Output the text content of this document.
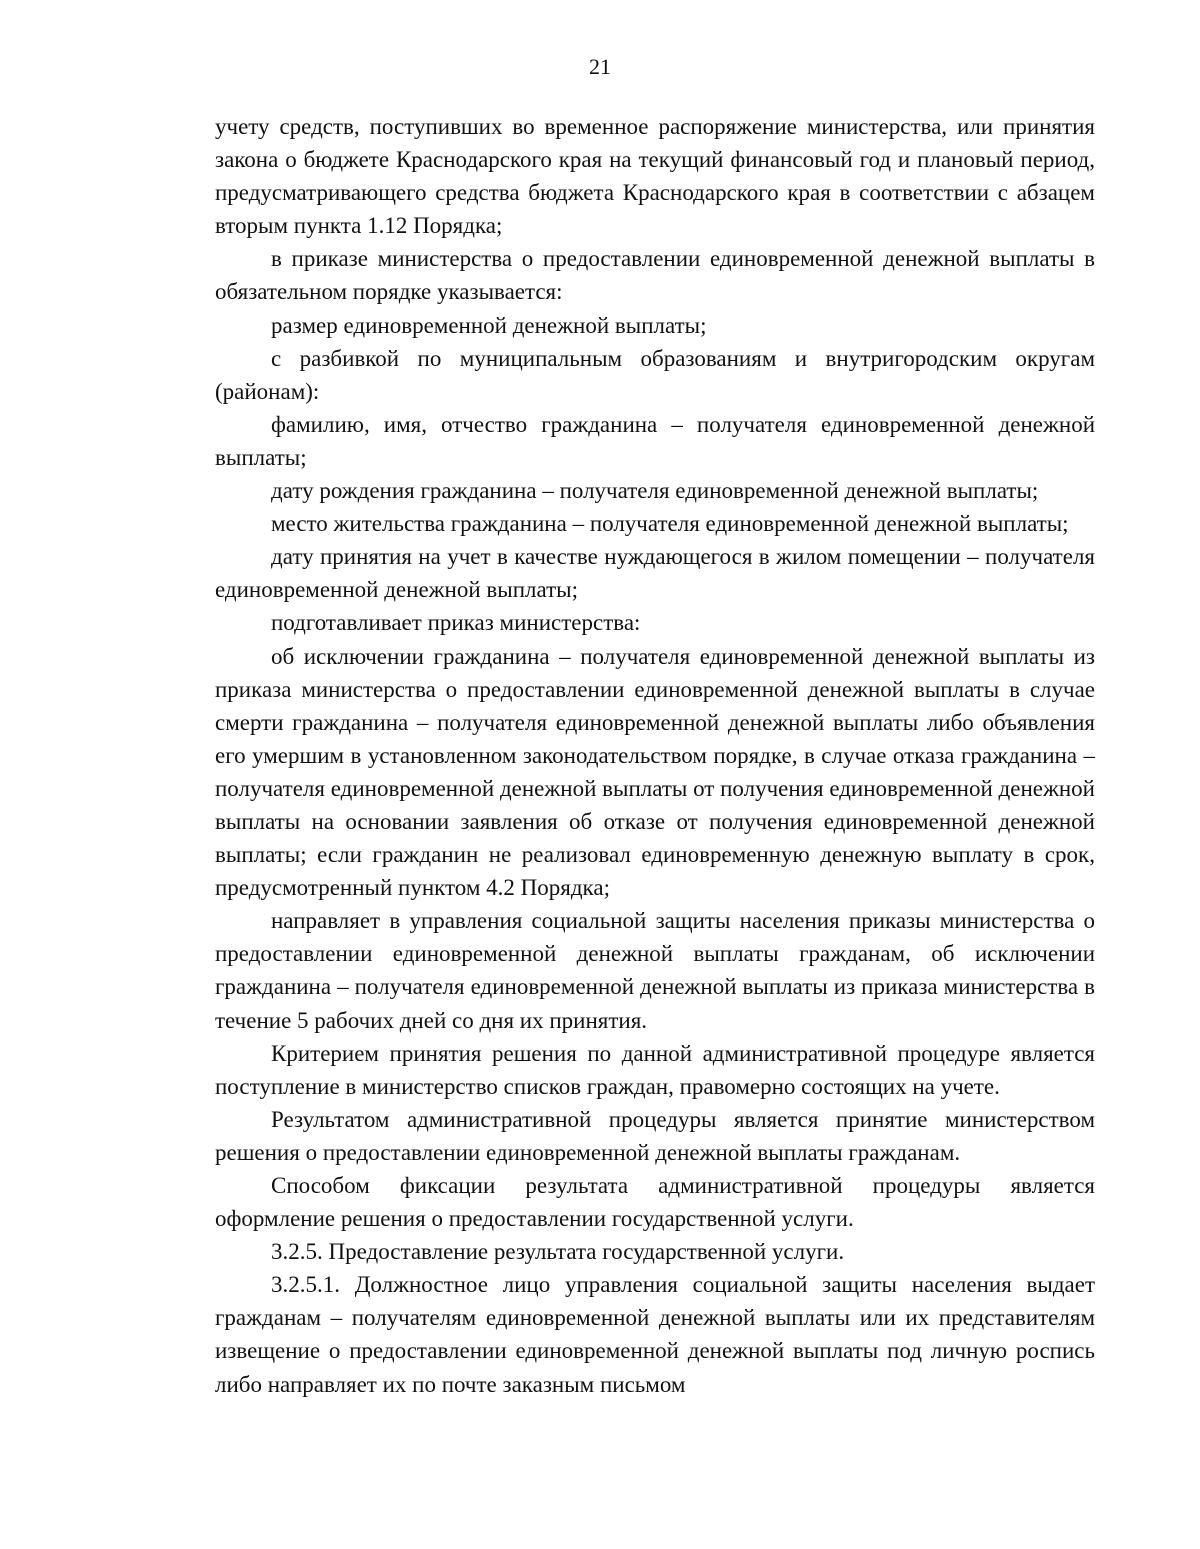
21

учету средств, поступивших во временное распоряжение министерства, или принятия закона о бюджете Краснодарского края на текущий финансовый год и плановый период, предусматривающего средства бюджета Краснодарского края в соответствии с абзацем вторым пункта 1.12 Порядка;

в приказе министерства о предоставлении единовременной денежной выплаты в обязательном порядке указывается:

размер единовременной денежной выплаты;

с разбивкой по муниципальным образованиям и внутригородским округам (районам):

фамилию, имя, отчество гражданина – получателя единовременной денежной выплаты;

дату рождения гражданина – получателя единовременной денежной выплаты;

место жительства гражданина – получателя единовременной денежной выплаты;

дату принятия на учет в качестве нуждающегося в жилом помещении – получателя единовременной денежной выплаты;

подготавливает приказ министерства:

об исключении гражданина – получателя единовременной денежной выплаты из приказа министерства о предоставлении единовременной денежной выплаты в случае смерти гражданина – получателя единовременной денежной выплаты либо объявления его умершим в установленном законодательством порядке, в случае отказа гражданина – получателя единовременной денежной выплаты от получения единовременной денежной выплаты на основании заявления об отказе от получения единовременной денежной выплаты; если гражданин не реализовал единовременную денежную выплату в срок, предусмотренный пунктом 4.2 Порядка;

направляет в управления социальной защиты населения приказы министерства о предоставлении единовременной денежной выплаты гражданам, об исключении гражданина – получателя единовременной денежной выплаты из приказа министерства в течение 5 рабочих дней со дня их принятия.

Критерием принятия решения по данной административной процедуре является поступление в министерство списков граждан, правомерно состоящих на учете.

Результатом административной процедуры является принятие министерством решения о предоставлении единовременной денежной выплаты гражданам.

Способом фиксации результата административной процедуры является оформление решения о предоставлении государственной услуги.

3.2.5. Предоставление результата государственной услуги.

3.2.5.1. Должностное лицо управления социальной защиты населения выдает гражданам – получателям единовременной денежной выплаты или их представителям извещение о предоставлении единовременной денежной выплаты под личную роспись либо направляет их по почте заказным письмом
